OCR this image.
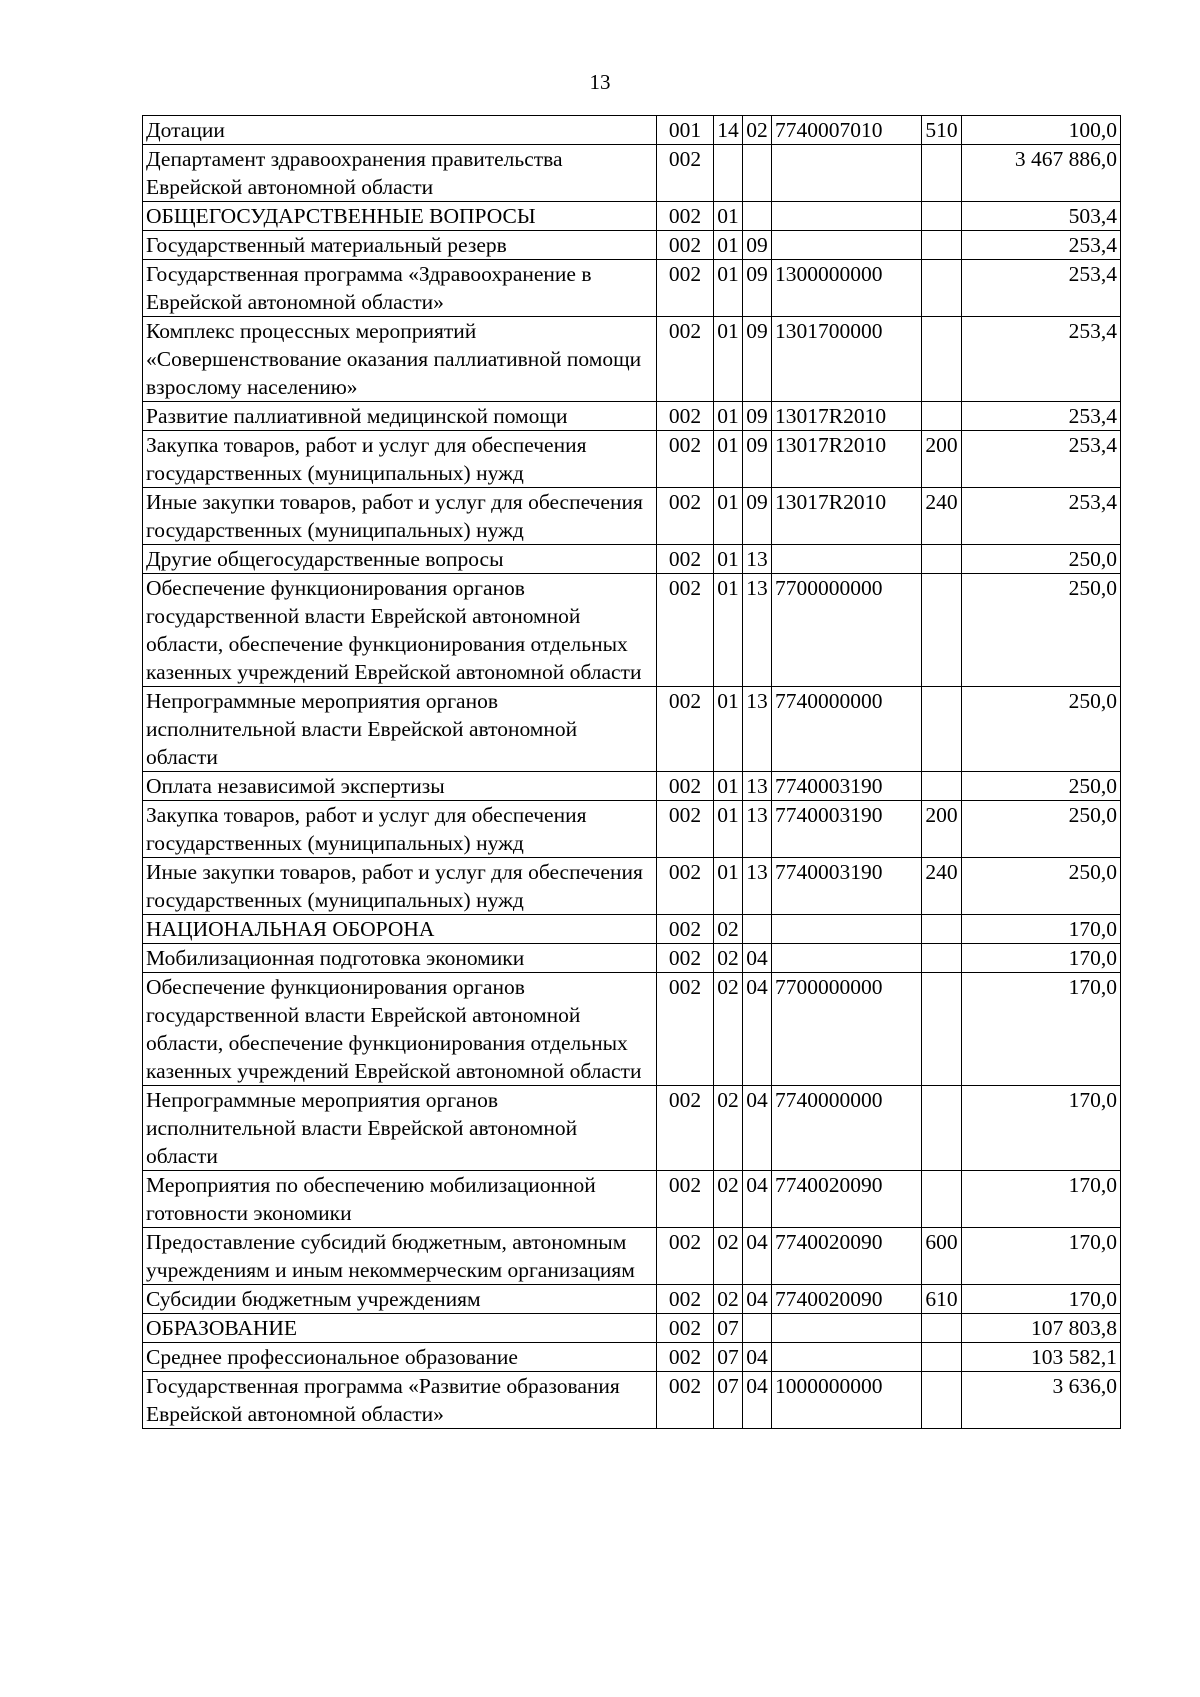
13
Дотации	001	14	02	7740007010	510	100,0
Департамент здравоохранения правительства Еврейской автономной области	002					3 467 886,0
ОБЩЕГОСУДАРСТВЕННЫЕ ВОПРОСЫ	002	01				503,4
Государственный материальный резерв	002	01	09			253,4
Государственная программа «Здравоохранение в Еврейской автономной области»	002	01	09	1300000000		253,4
Комплекс процессных мероприятий «Совершенствование оказания паллиативной помощи взрослому населению»	002	01	09	1301700000		253,4
Развитие паллиативной медицинской помощи	002	01	09	13017R2010		253,4
Закупка товаров, работ и услуг для обеспечения государственных (муниципальных) нужд	002	01	09	13017R2010	200	253,4
Иные закупки товаров, работ и услуг для обеспечения государственных (муниципальных) нужд	002	01	09	13017R2010	240	253,4
Другие общегосударственные вопросы	002	01	13			250,0
Обеспечение функционирования органов государственной власти Еврейской автономной области, обеспечение функционирования отдельных казенных учреждений Еврейской автономной области	002	01	13	7700000000		250,0
Непрограммные мероприятия органов исполнительной власти Еврейской автономной области	002	01	13	7740000000		250,0
Оплата независимой экспертизы	002	01	13	7740003190		250,0
Закупка товаров, работ и услуг для обеспечения государственных (муниципальных) нужд	002	01	13	7740003190	200	250,0
Иные закупки товаров, работ и услуг для обеспечения государственных (муниципальных) нужд	002	01	13	7740003190	240	250,0
НАЦИОНАЛЬНАЯ ОБОРОНА	002	02				170,0
Мобилизационная подготовка экономики	002	02	04			170,0
Обеспечение функционирования органов государственной власти Еврейской автономной области, обеспечение функционирования отдельных казенных учреждений Еврейской автономной области	002	02	04	7700000000		170,0
Непрограммные мероприятия органов исполнительной власти Еврейской автономной области	002	02	04	7740000000		170,0
Мероприятия по обеспечению мобилизационной готовности экономики	002	02	04	7740020090		170,0
Предоставление субсидий бюджетным, автономным учреждениям и иным некоммерческим организациям	002	02	04	7740020090	600	170,0
Субсидии бюджетным учреждениям	002	02	04	7740020090	610	170,0
ОБРАЗОВАНИЕ	002	07				107 803,8
Среднее профессиональное образование	002	07	04			103 582,1
Государственная программа «Развитие образования Еврейской автономной области»	002	07	04	1000000000		3 636,0
